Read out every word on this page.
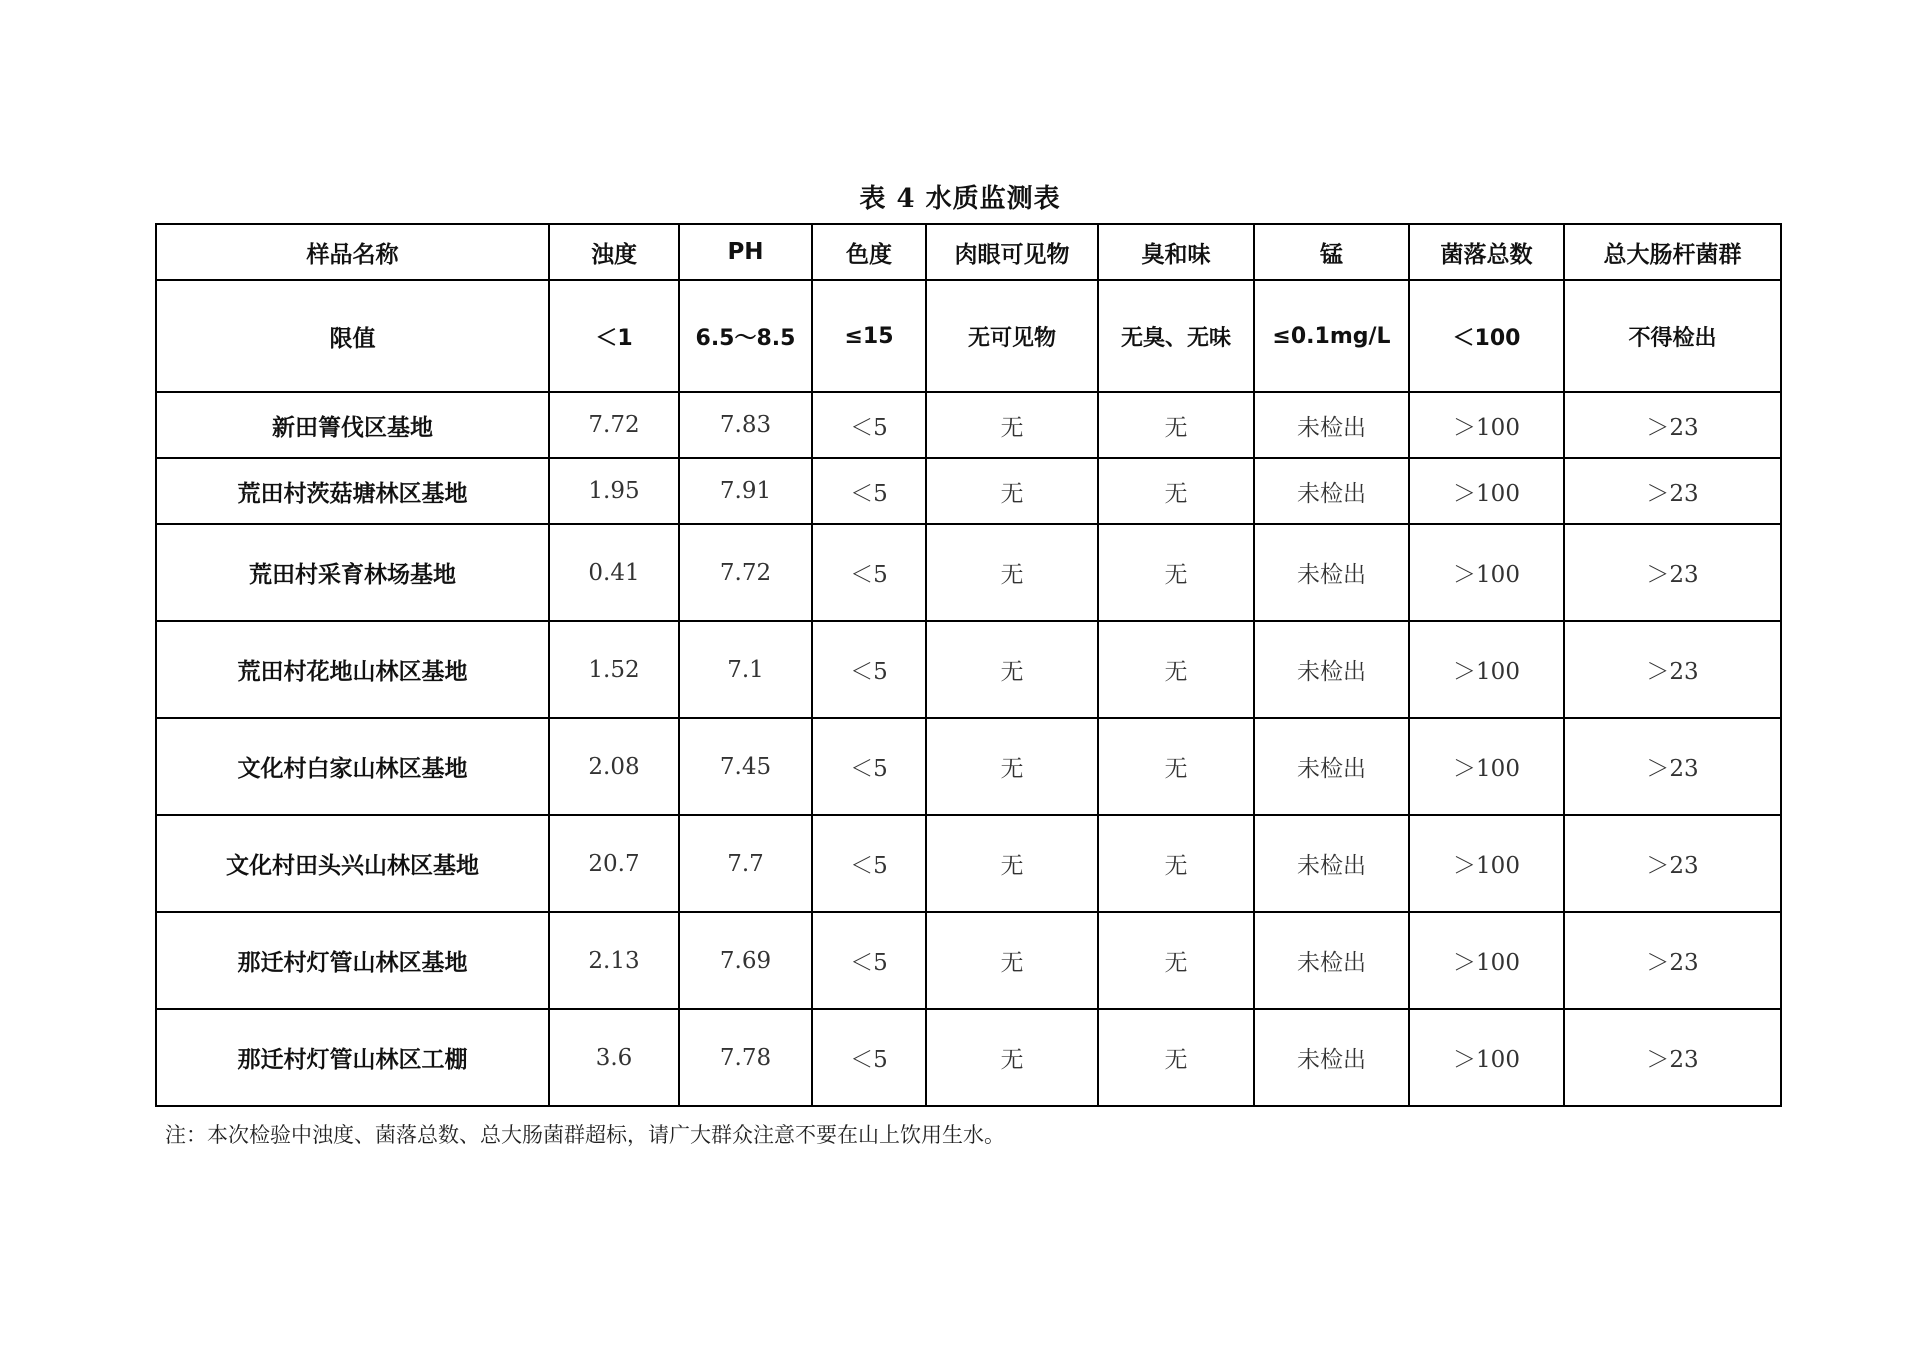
表 4 水质监测表
样品名称	浊度	PH	色度	肉眼可见物	臭和味	锰	菌落总数	总大肠杆菌群
限值	＜1	6.5～8.5	≤15	无可见物	无臭、无味	≤0.1mg/L	＜100	不得检出
新田箐伐区基地	7.72	7.83	＜5	无	无	未检出	＞100	＞23
荒田村茨菇塘林区基地	1.95	7.91	＜5	无	无	未检出	＞100	＞23
荒田村采育林场基地	0.41	7.72	＜5	无	无	未检出	＞100	＞23
荒田村花地山林区基地	1.52	7.1	＜5	无	无	未检出	＞100	＞23
文化村白家山林区基地	2.08	7.45	＜5	无	无	未检出	＞100	＞23
文化村田头兴山林区基地	20.7	7.7	＜5	无	无	未检出	＞100	＞23
那迁村灯管山林区基地	2.13	7.69	＜5	无	无	未检出	＞100	＞23
那迁村灯管山林区工棚	3.6	7.78	＜5	无	无	未检出	＞100	＞23
注：本次检验中浊度、菌落总数、总大肠菌群超标，请广大群众注意不要在山上饮用生水。
